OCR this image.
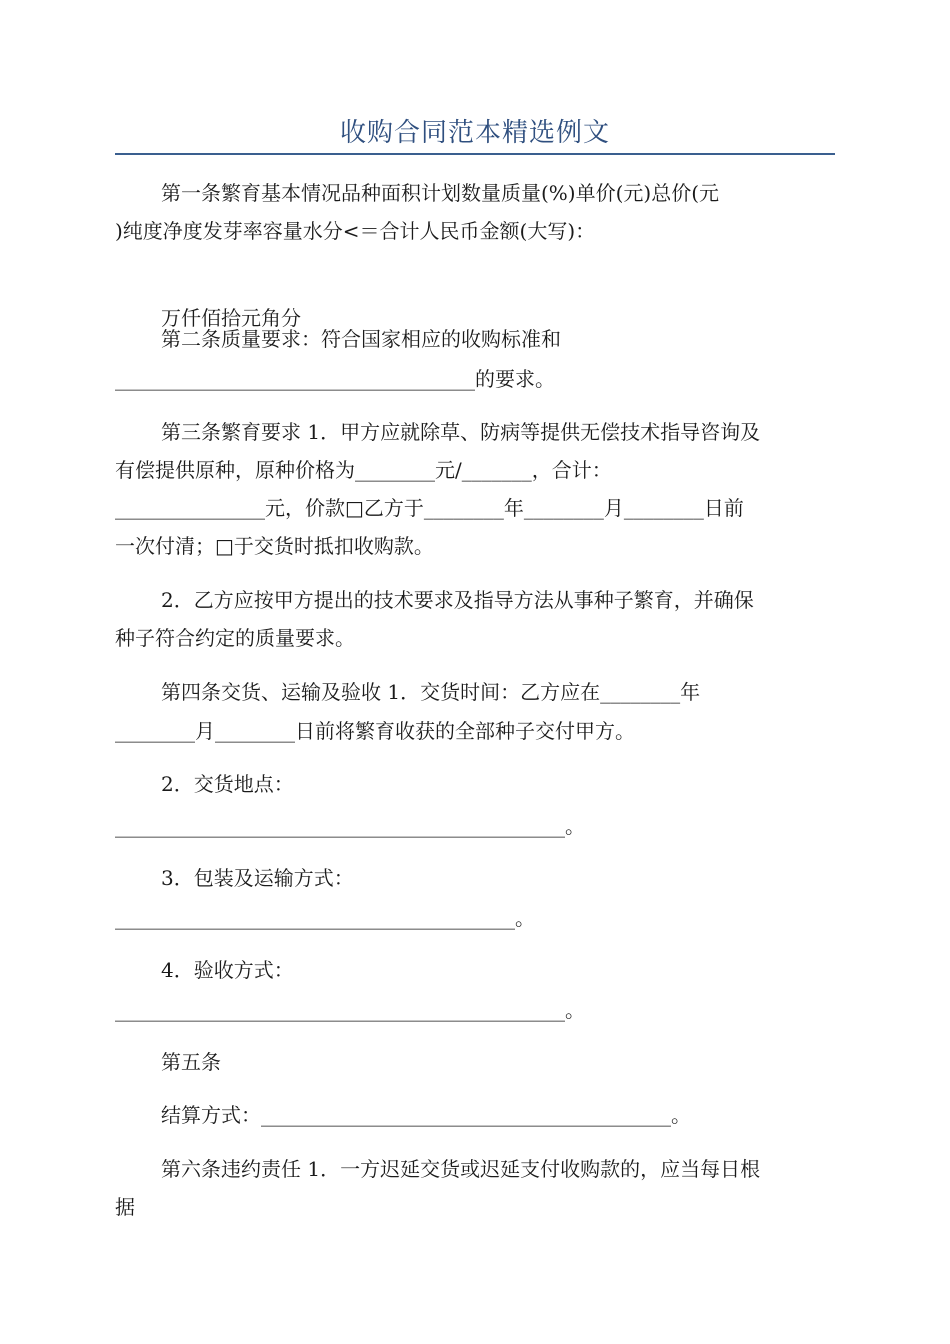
收购合同范本精选例文
第一条繁育基本情况品种面积计划数量质量(%)单价(元)总价(元
)纯度净度发芽率容量水分<＝合计人民币金额(大写)：
万仟佰拾元角分
第二条质量要求：符合国家相应的收购标准和
____________________________________的要求。
第三条繁育要求 1．甲方应就除草、防病等提供无偿技术指导咨询及
有偿提供原种，原种价格为________元/_______，合计：
_______________元，价款□乙方于________年________月________日前
一次付清；□于交货时抵扣收购款。
2．乙方应按甲方提出的技术要求及指导方法从事种子繁育，并确保
种子符合约定的质量要求。
第四条交货、运输及验收 1．交货时间：乙方应在________年
________月________日前将繁育收获的全部种子交付甲方。
2．交货地点：
_____________________________________________。
3．包装及运输方式：
________________________________________。
4．验收方式：
_____________________________________________。
第五条
结算方式：_________________________________________。
第六条违约责任 1．一方迟延交货或迟延支付收购款的，应当每日根
据
